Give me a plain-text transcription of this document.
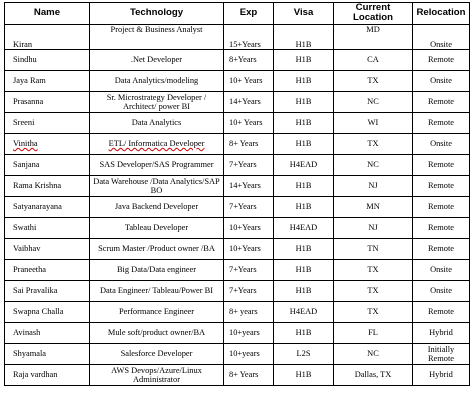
Name	Technology	Exp	Visa	Current Location	Relocation
Kiran	Project & Business Analyst	15+Years	H1B	MD	Onsite
Sindhu	.Net Developer	8+Years	H1B	CA	Remote
Jaya Ram	Data Analytics/modeling	10+ Years	H1B	TX	Onsite
Prasanna	Sr. Microstrategy Developer / Architect/ power BI	14+Years	H1B	NC	Remote
Sreeni	Data Analytics	10+ Years	H1B	WI	Remote
Vinitha	ETL/ Informatica Developer	8+ Years	H1B	TX	Onsite
Sanjana	SAS Developer/SAS Programmer	7+Years	H4EAD	NC	Remote
Rama Krishna	Data Warehouse /Data Analytics/SAP BO	14+Years	H1B	NJ	Remote
Satyanarayana	Java Backend Developer	7+Years	H1B	MN	Remote
Swathi	Tableau Developer	10+Years	H4EAD	NJ	Remote
Vaibhav	Scrum Master /Product owner /BA	10+Years	H1B	TN	Remote
Praneetha	Big Data/Data engineer	7+Years	H1B	TX	Onsite
Sai Pravalika	Data Engineer/ Tableau/Power BI	7+Years	H1B	TX	Onsite
Swapna Challa	Performance Engineer	8+ years	H4EAD	TX	Remote
Avinash	Mule soft/product owner/BA	10+years	H1B	FL	Hybrid
Shyamala	Salesforce Developer	10+years	L2S	NC	Initially Remote
Raja vardhan	AWS Devops/Azure/Linux Administrator	8+ Years	H1B	Dallas, TX	Hybrid
